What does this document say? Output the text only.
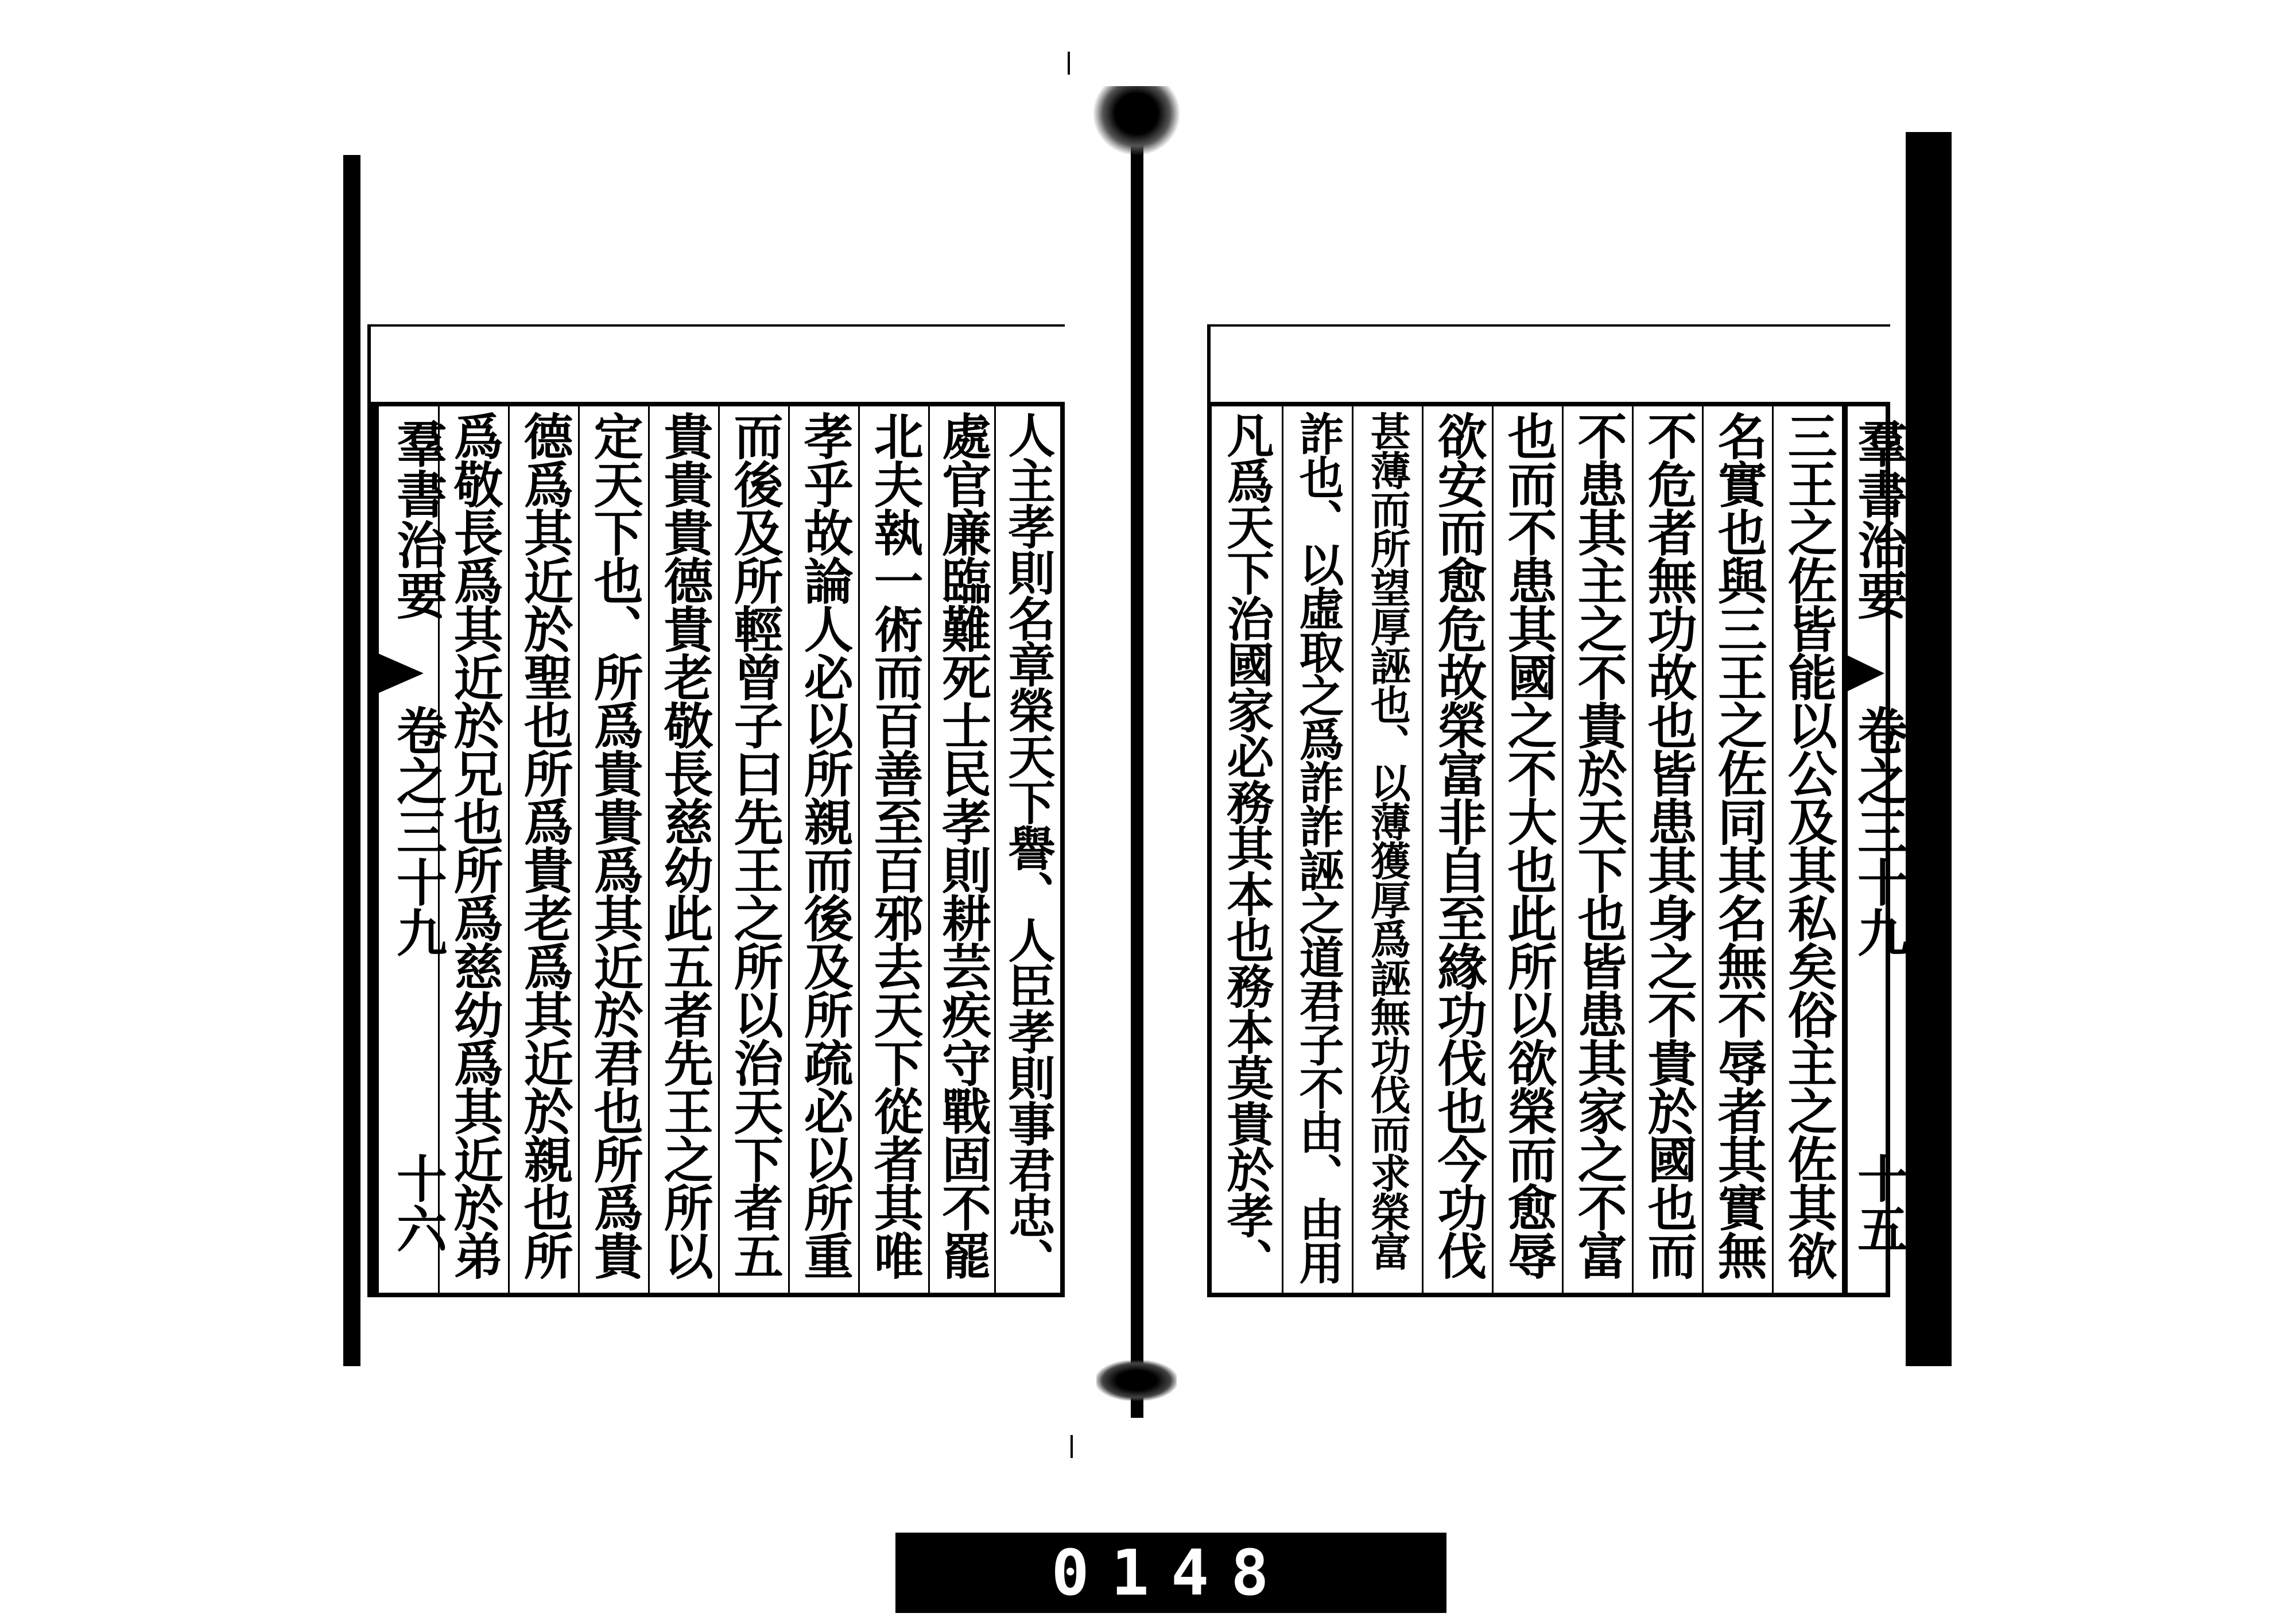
羣書治要
卷之三十九
十六
爲敬長爲其近於兄也所爲慈幼爲其近於弟 德爲其近於聖也所爲貴老爲其近於親也所 定天下也、所爲貴貴爲其近於君也所爲貴 貴貴貴德貴老敬長慈幼此五者先王之所以 而後及所輕曾子曰先王之所以治天下者五 孝乎故論人必以所親而後及所疏必以所重 北夫執一術而百善至百邪去天下從者其唯 處官廉臨難死士民孝則耕芸疾守戰固不罷 人主孝則名章榮天下譽、人臣孝則事君忠、	凡爲天下治國家必務其本也務本莫貴於孝、 詐也、以虛取之爲詐詐誣之道君子不由、由用 甚薄而所望厚誣也、以薄獲厚爲誣無功伐而求榮富 欲安而愈危故榮富非自至緣功伐也今功伐 也而不患其國之不大也此所以欲榮而愈辱 不患其主之不貴於天下也皆患其家之不富 不危者無功故也皆患其身之不貴於國也而 名實也與三王之佐同其名無不辱者其實無 三王之佐皆能以公及其私矣俗主之佐其欲 羣書治要
卷之三十九
十五
0148
